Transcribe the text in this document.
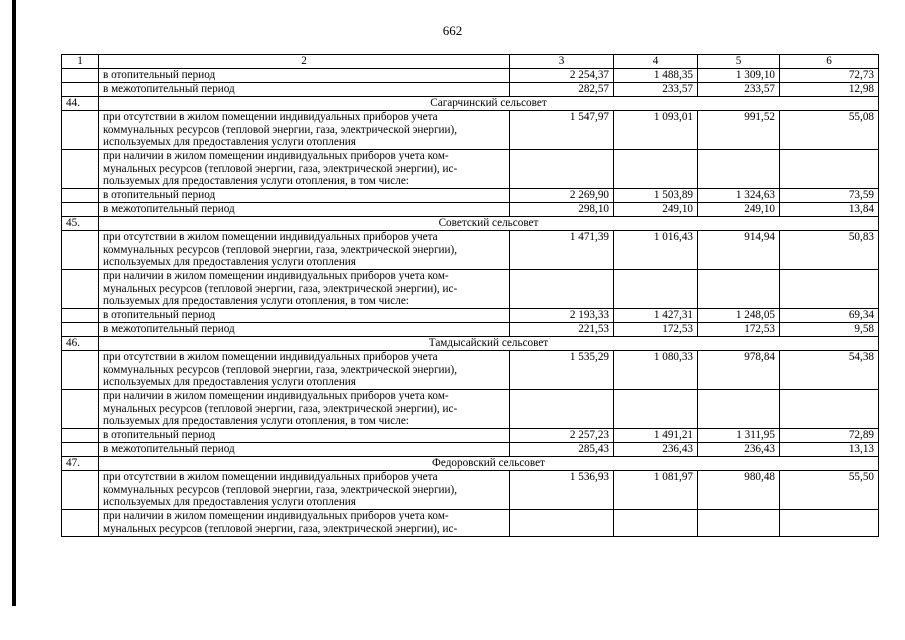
662
1	2	3	4	5	6
	в отопительный период	2 254,37	1 488,35	1 309,10	72,73
	в межотопительный период	282,57	233,57	233,57	12,98
44.	Сагарчинский сельсовет				

	при отсутствии в жилом помещении индивидуальных приборов учета
коммунальных ресурсов (тепловой энергии, газа, электрической энергии),
используемых для предоставления услуги отопления	1 547,97	1 093,01	991,52	55,08

	при наличии в жилом помещении индивидуальных приборов учета ком-
мунальных ресурсов (тепловой энергии, газа, электрической энергии), ис-
пользуемых для предоставления услуги отопления, в том числе:				

	в отопительный период	2 269,90	1 503,89	1 324,63	73,59
	в межотопительный период	298,10	249,10	249,10	13,84
45.	Советский сельсовет				

	при отсутствии в жилом помещении индивидуальных приборов учета
коммунальных ресурсов (тепловой энергии, газа, электрической энергии),
используемых для предоставления услуги отопления	1 471,39	1 016,43	914,94	50,83

	при наличии в жилом помещении индивидуальных приборов учета ком-
мунальных ресурсов (тепловой энергии, газа, электрической энергии), ис-
пользуемых для предоставления услуги отопления, в том числе:				

	в отопительный период	2 193,33	1 427,31	1 248,05	69,34
	в межотопительный период	221,53	172,53	172,53	9,58
46.	Тамдысайский сельсовет				

	при отсутствии в жилом помещении индивидуальных приборов учета
коммунальных ресурсов (тепловой энергии, газа, электрической энергии),
используемых для предоставления услуги отопления	1 535,29	1 080,33	978,84	54,38

	при наличии в жилом помещении индивидуальных приборов учета ком-
мунальных ресурсов (тепловой энергии, газа, электрической энергии), ис-
пользуемых для предоставления услуги отопления, в том числе:				

	в отопительный период	2 257,23	1 491,21	1 311,95	72,89
	в межотопительный период	285,43	236,43	236,43	13,13
47.	Федоровский сельсовет				

	при отсутствии в жилом помещении индивидуальных приборов учета
коммунальных ресурсов (тепловой энергии, газа, электрической энергии),
используемых для предоставления услуги отопления	1 536,93	1 081,97	980,48	55,50

	при наличии в жилом помещении индивидуальных приборов учета ком-
мунальных ресурсов (тепловой энергии, газа, электрической энергии), ис-				
